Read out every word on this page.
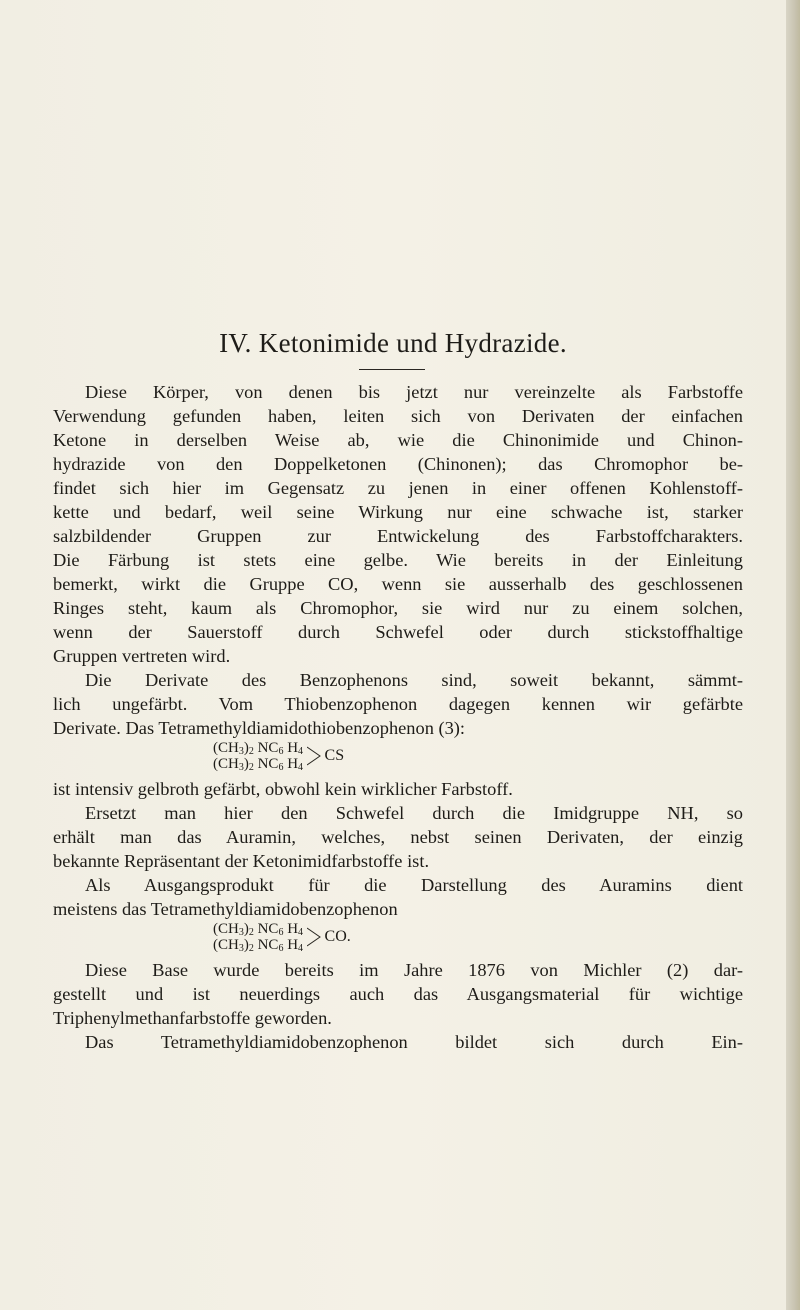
IV. Ketonimide und Hydrazide.

Diese Körper, von denen bis jetzt nur vereinzelte als Farbstoffe

Verwendung gefunden haben, leiten sich von Derivaten der einfachen

Ketone in derselben Weise ab, wie die Chinonimide und Chinon-

hydrazide von den Doppelketonen (Chinonen); das Chromophor be-

findet sich hier im Gegensatz zu jenen in einer offenen Kohlenstoff-

kette und bedarf, weil seine Wirkung nur eine schwache ist, starker

salzbildender Gruppen zur Entwickelung des Farbstoffcharakters.

Die Färbung ist stets eine gelbe. Wie bereits in der Einleitung

bemerkt, wirkt die Gruppe CO, wenn sie ausserhalb des geschlossenen

Ringes steht, kaum als Chromophor, sie wird nur zu einem solchen,

wenn der Sauerstoff durch Schwefel oder durch stickstoffhaltige

Gruppen vertreten wird.

Die Derivate des Benzophenons sind, soweit bekannt, sämmt-

lich ungefärbt. Vom Thiobenzophenon dagegen kennen wir gefärbte

Derivate. Das Tetramethyldiamidothiobenzophenon (3):

$(CH_3)_2$ $NC_6$ $H_4$
$(CH_3)_2$ $NC_6$ $H_4$

CS

ist intensiv gelbroth gefärbt, obwohl kein wirklicher Farbstoff.

Ersetzt man hier den Schwefel durch die Imidgruppe NH, so

erhält man das Auramin, welches, nebst seinen Derivaten, der einzig

bekannte Repräsentant der Ketonimidfarbstoffe ist.

Als Ausgangsprodukt für die Darstellung des Auramins dient

meistens das Tetramethyldiamidobenzophenon

$(CH_3)_2$ $NC_6$ $H_4$
$(CH_3)_2$ $NC_6$ $H_4$

CO.

Diese Base wurde bereits im Jahre 1876 von Michler (2) dar-

gestellt und ist neuerdings auch das Ausgangsmaterial für wichtige

Triphenylmethanfarbstoffe geworden.

Das Tetramethyldiamidobenzophenon bildet sich durch Ein-
